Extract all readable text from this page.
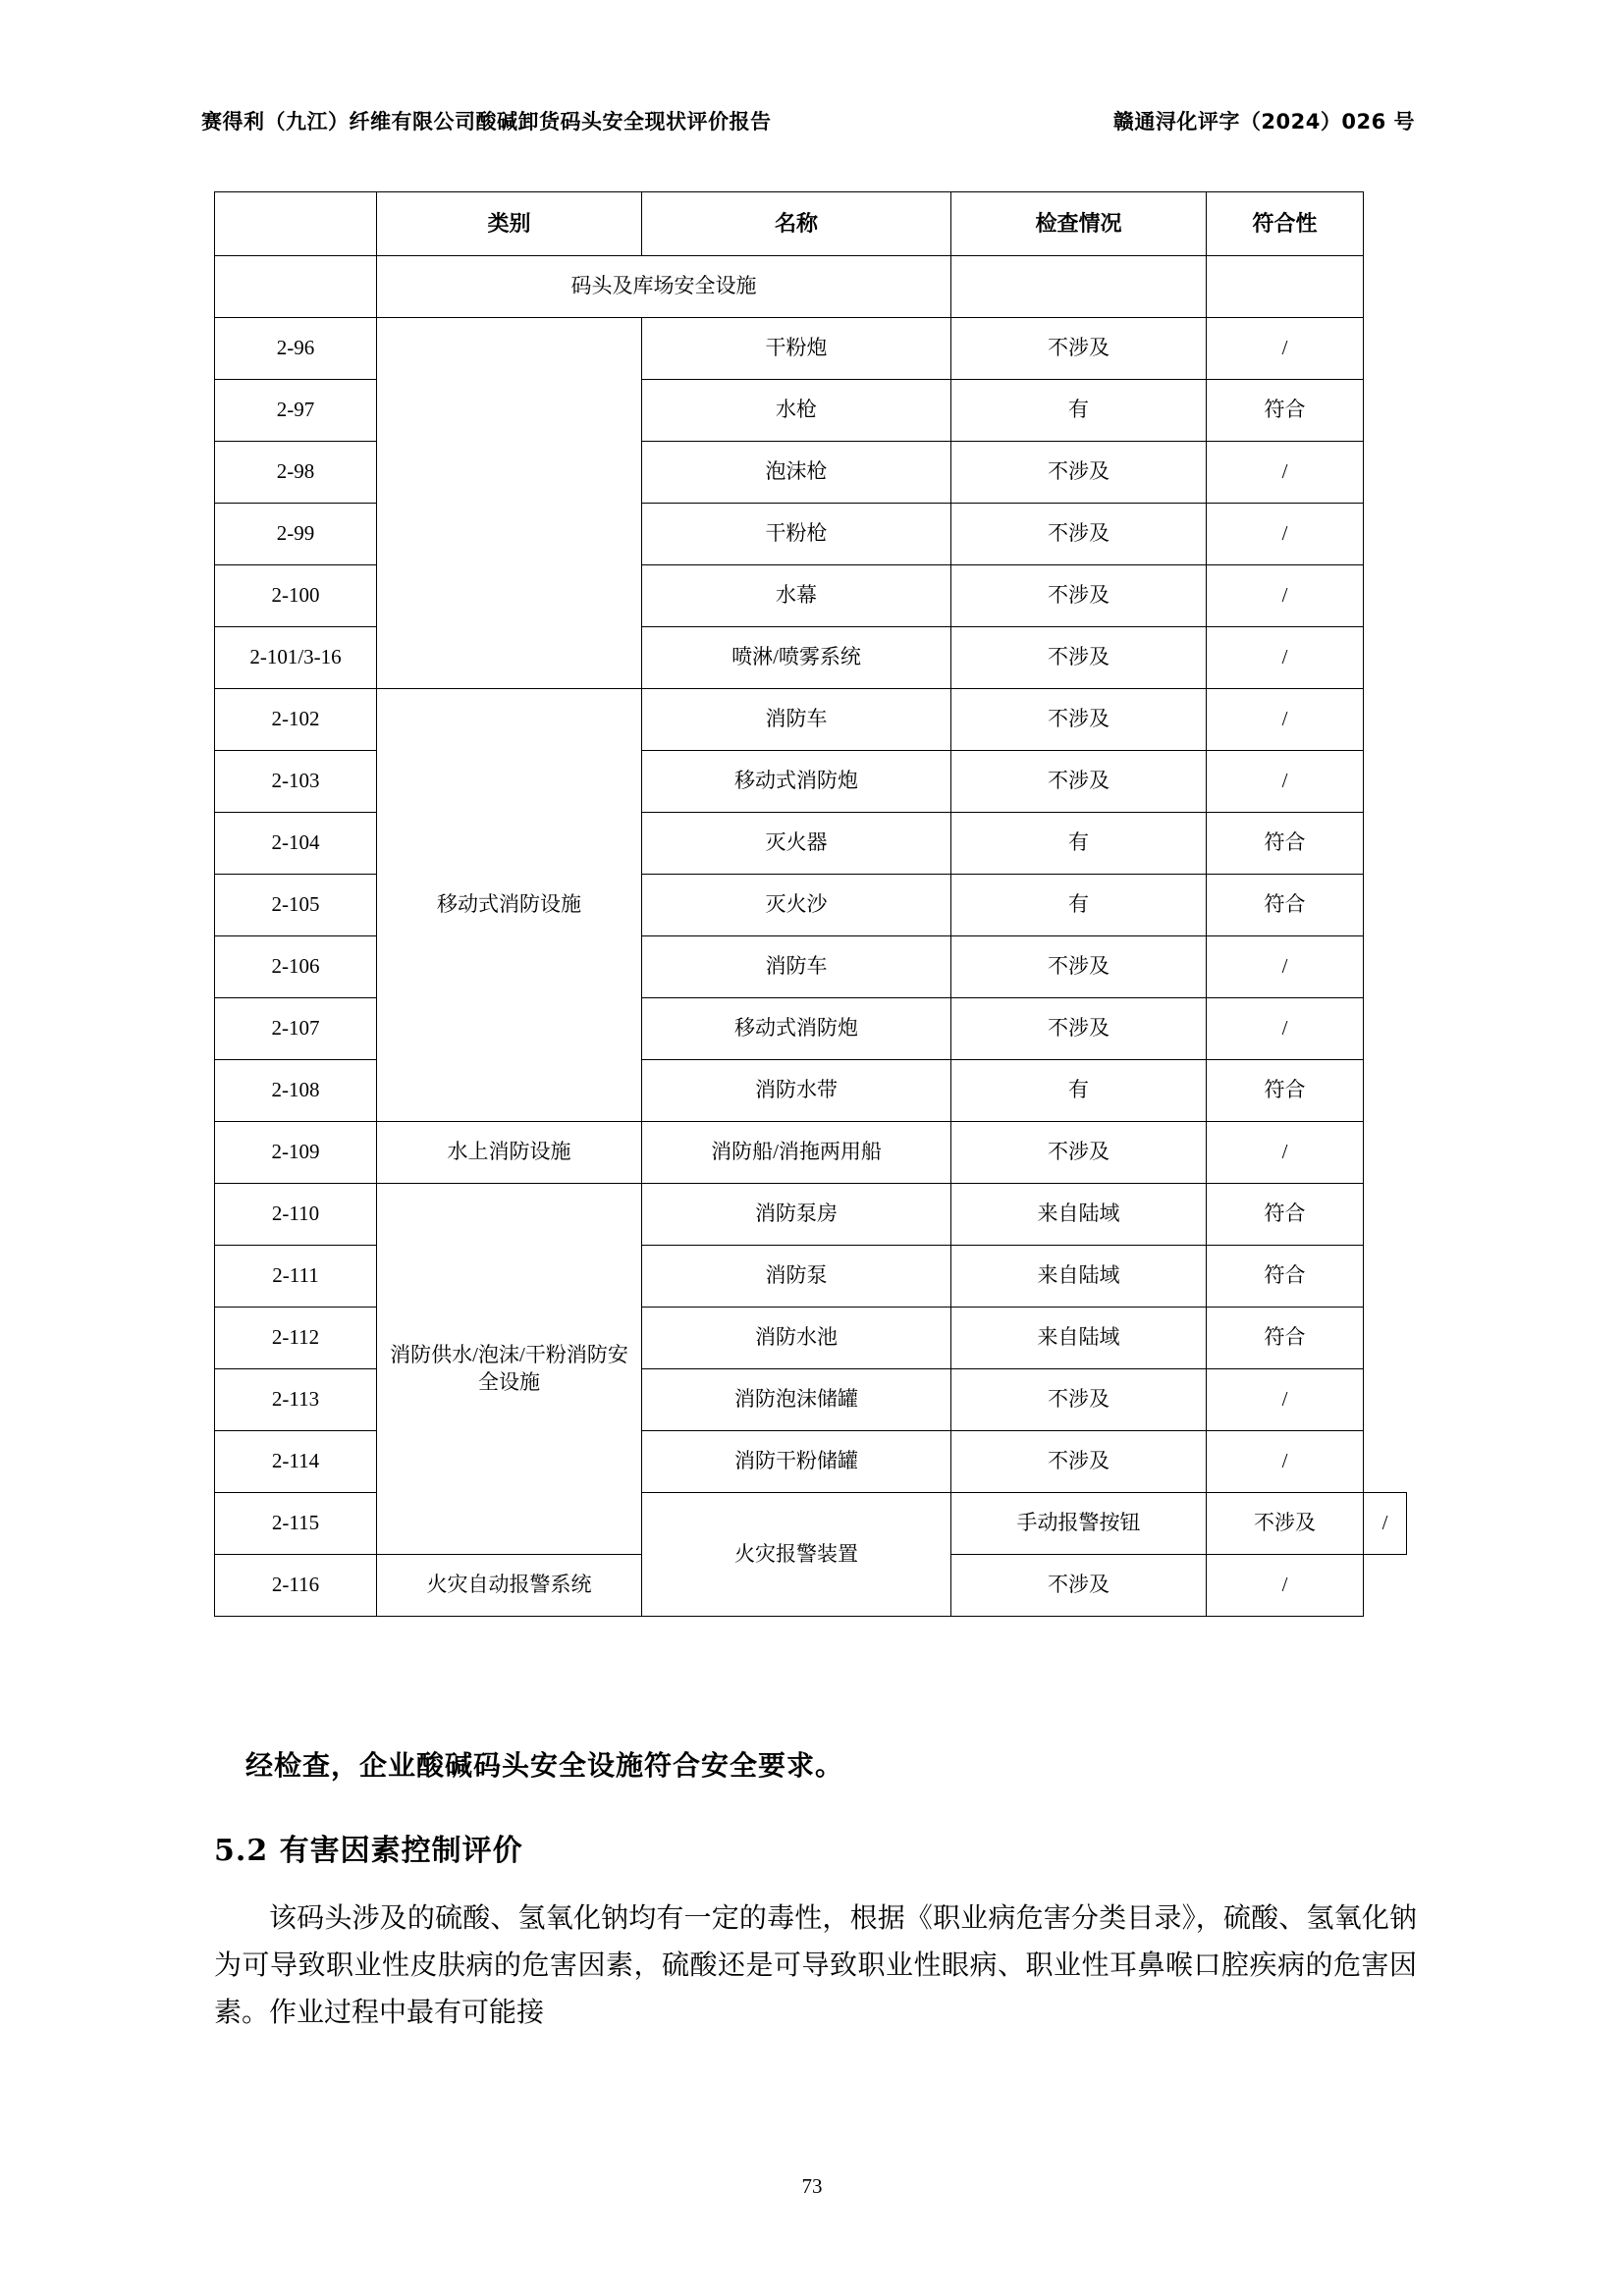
赛得利（九江）纤维有限公司酸碱卸货码头安全现状评价报告	赣通浔化评字（2024）026 号
	类别	名称	检查情况	符合性	
	码头及库场安全设施				
2-96		干粉炮	不涉及	/	
2-97		水枪	有	符合	
2-98		泡沫枪	不涉及	/	
2-99		干粉枪	不涉及	/	
2-100		水幕	不涉及	/	
2-101/3-16		喷淋/喷雾系统	不涉及	/	
2-102	移动式消防设施	消防车	不涉及	/	
2-103		移动式消防炮	不涉及	/	
2-104		灭火器	有	符合	
2-105		灭火沙	有	符合	
2-106		消防车	不涉及	/	
2-107		移动式消防炮	不涉及	/	
2-108		消防水带	有	符合	
2-109	水上消防设施	消防船/消拖两用船	不涉及	/	
2-110	消防供水/泡沫/干粉消防安全设施	消防泵房	来自陆域	符合	
2-111		消防泵	来自陆域	符合	
2-112		消防水池	来自陆域	符合	
2-113		消防泡沫储罐	不涉及	/	
2-114		消防干粉储罐	不涉及	/	
2-115		火灾报警装置	手动报警按钮	不涉及	/
2-116	火灾自动报警系统		不涉及	/	
经检查，企业酸碱码头安全设施符合安全要求。
5.2 有害因素控制评价
该码头涉及的硫酸、氢氧化钠均有一定的毒性，根据《职业病危害分类目录》，硫酸、氢氧化钠为可导致职业性皮肤病的危害因素，硫酸还是可导致职业性眼病、职业性耳鼻喉口腔疾病的危害因素。作业过程中最有可能接
73
